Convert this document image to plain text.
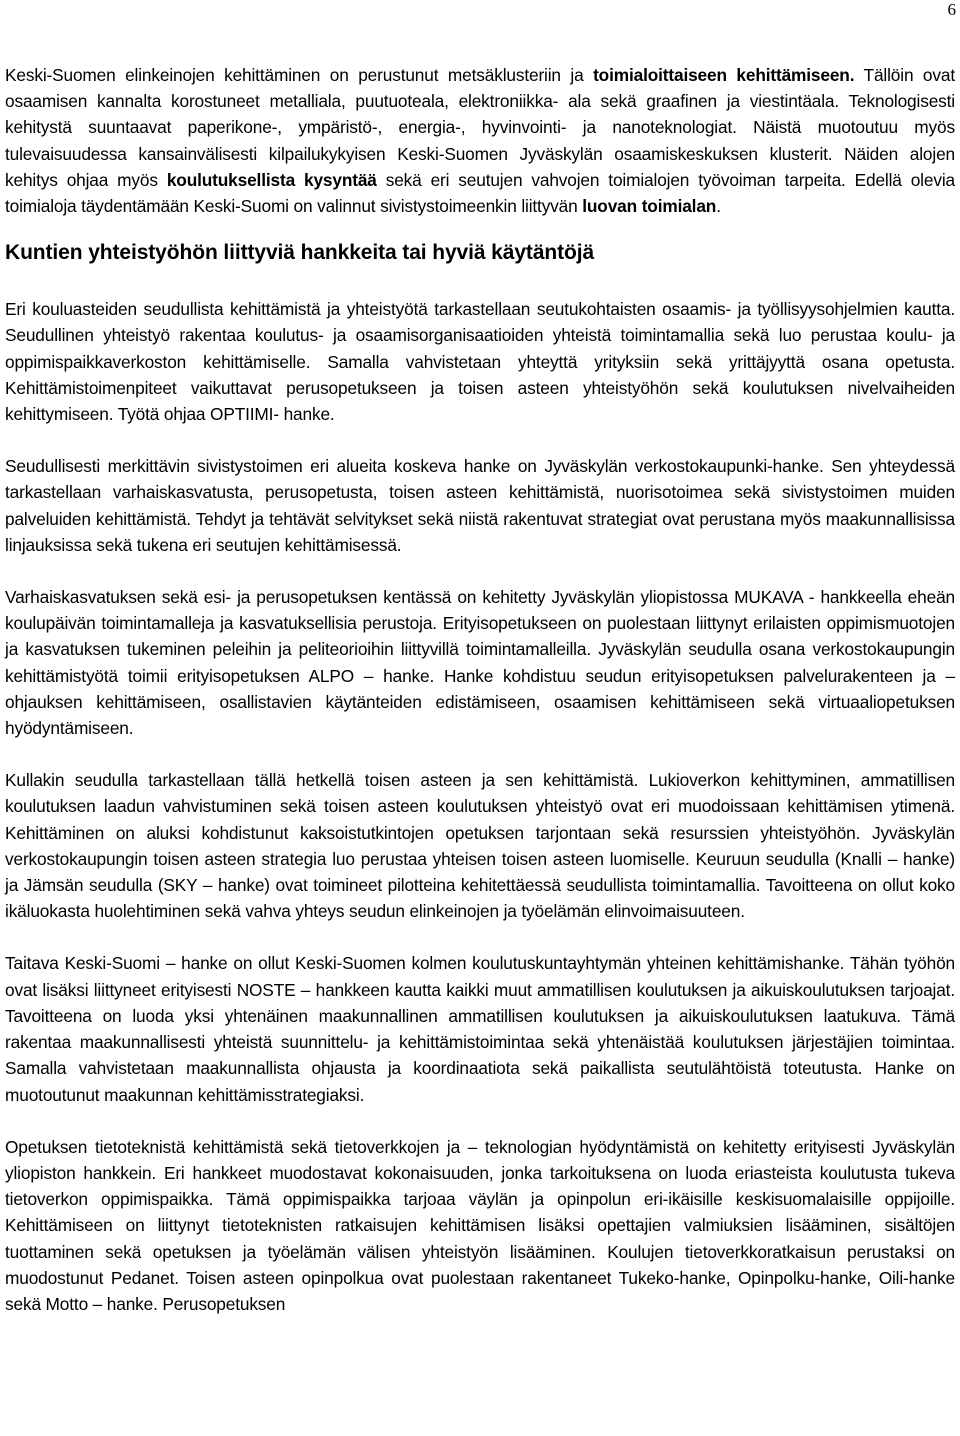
6

Keski-Suomen elinkeinojen kehittäminen on perustunut metsäklusteriin ja toimialoittaiseen kehittämiseen. Tällöin ovat osaamisen kannalta korostuneet metalliala, puutuoteala, elektroniikka- ala sekä graafinen ja viestintäala. Teknologisesti kehitystä suuntaavat paperikone-, ympäristö-, energia-, hyvinvointi- ja nanoteknologiat. Näistä muotoutuu myös tulevaisuudessa kansainvälisesti kilpailukykyisen Keski-Suomen Jyväskylän osaamiskeskuksen klusterit. Näiden alojen kehitys ohjaa myös koulutuksellista kysyntää sekä eri seutujen vahvojen toimialojen työvoiman tarpeita. Edellä olevia toimialoja täydentämään Keski-Suomi on valinnut sivistystoimeenkin liittyvän luovan toimialan.

Kuntien yhteistyöhön liittyviä hankkeita tai hyviä käytäntöjä

Eri kouluasteiden seudullista kehittämistä ja yhteistyötä tarkastellaan seutukohtaisten osaamis- ja työllisyysohjelmien kautta. Seudullinen yhteistyö rakentaa koulutus- ja osaamisorganisaatioiden yhteistä toimintamallia sekä luo perustaa koulu- ja oppimispaikkaverkoston kehittämiselle. Samalla vahvistetaan yhteyttä yrityksiin sekä yrittäjyyttä osana opetusta. Kehittämistoimenpiteet vaikuttavat perusopetukseen ja toisen asteen yhteistyöhön sekä koulutuksen nivelvaiheiden kehittymiseen. Työtä ohjaa OPTIIMI- hanke.

Seudullisesti merkittävin sivistystoimen eri alueita koskeva hanke on Jyväskylän verkostokaupunki-hanke. Sen yhteydessä tarkastellaan varhaiskasvatusta, perusopetusta, toisen asteen kehittämistä, nuorisotoimea sekä sivistystoimen muiden palveluiden kehittämistä. Tehdyt ja tehtävät selvitykset sekä niistä rakentuvat strategiat ovat perustana myös maakunnallisissa linjauksissa sekä tukena eri seutujen kehittämisessä.

Varhaiskasvatuksen sekä esi- ja perusopetuksen kentässä on kehitetty Jyväskylän yliopistossa MUKAVA - hankkeella eheän koulupäivän toimintamalleja ja kasvatuksellisia perustoja. Erityisopetukseen on puolestaan liittynyt erilaisten oppimismuotojen ja kasvatuksen tukeminen peleihin ja peliteorioihin liittyvillä toimintamalleilla. Jyväskylän seudulla osana verkostokaupungin kehittämistyötä toimii erityisopetuksen ALPO – hanke. Hanke kohdistuu seudun erityisopetuksen palvelurakenteen ja – ohjauksen kehittämiseen, osallistavien käytänteiden edistämiseen, osaamisen kehittämiseen sekä virtuaaliopetuksen hyödyntämiseen.

Kullakin seudulla tarkastellaan tällä hetkellä toisen asteen ja sen kehittämistä. Lukioverkon kehittyminen, ammatillisen koulutuksen laadun vahvistuminen sekä toisen asteen koulutuksen yhteistyö ovat eri muodoissaan kehittämisen ytimenä. Kehittäminen on aluksi kohdistunut kaksoistutkintojen opetuksen tarjontaan sekä resurssien yhteistyöhön. Jyväskylän verkostokaupungin toisen asteen strategia luo perustaa yhteisen toisen asteen luomiselle. Keuruun seudulla (Knalli – hanke) ja Jämsän seudulla (SKY – hanke) ovat toimineet pilotteina kehitettäessä seudullista toimintamallia. Tavoitteena on ollut koko ikäluokasta huolehtiminen sekä vahva yhteys seudun elinkeinojen ja työelämän elinvoimaisuuteen.

Taitava Keski-Suomi – hanke on ollut Keski-Suomen kolmen koulutuskuntayhtymän yhteinen kehittämishanke. Tähän työhön ovat lisäksi liittyneet erityisesti NOSTE – hankkeen kautta kaikki muut ammatillisen koulutuksen ja aikuiskoulutuksen tarjoajat. Tavoitteena on luoda yksi yhtenäinen maakunnallinen ammatillisen koulutuksen ja aikuiskoulutuksen laatukuva. Tämä rakentaa maakunnallisesti yhteistä suunnittelu- ja kehittämistoimintaa sekä yhtenäistää koulutuksen järjestäjien toimintaa. Samalla vahvistetaan maakunnallista ohjausta ja koordinaatiota sekä paikallista seutulähtöistä toteutusta. Hanke on muotoutunut maakunnan kehittämisstrategiaksi.

Opetuksen tietoteknistä kehittämistä sekä tietoverkkojen ja – teknologian hyödyntämistä on kehitetty erityisesti Jyväskylän yliopiston hankkein. Eri hankkeet muodostavat kokonaisuuden, jonka tarkoituksena on luoda eriasteista koulutusta tukeva tietoverkon oppimispaikka. Tämä oppimispaikka tarjoaa väylän ja opinpolun eri-ikäisille keskisuomalaisille oppijoille. Kehittämiseen on liittynyt tietoteknisten ratkaisujen kehittämisen lisäksi opettajien valmiuksien lisääminen, sisältöjen tuottaminen sekä opetuksen ja työelämän välisen yhteistyön lisääminen. Koulujen tietoverkkoratkaisun perustaksi on muodostunut Pedanet. Toisen asteen opinpolkua ovat puolestaan rakentaneet Tukeko-hanke, Opinpolku-hanke, Oili-hanke sekä Motto – hanke. Perusopetuksen
